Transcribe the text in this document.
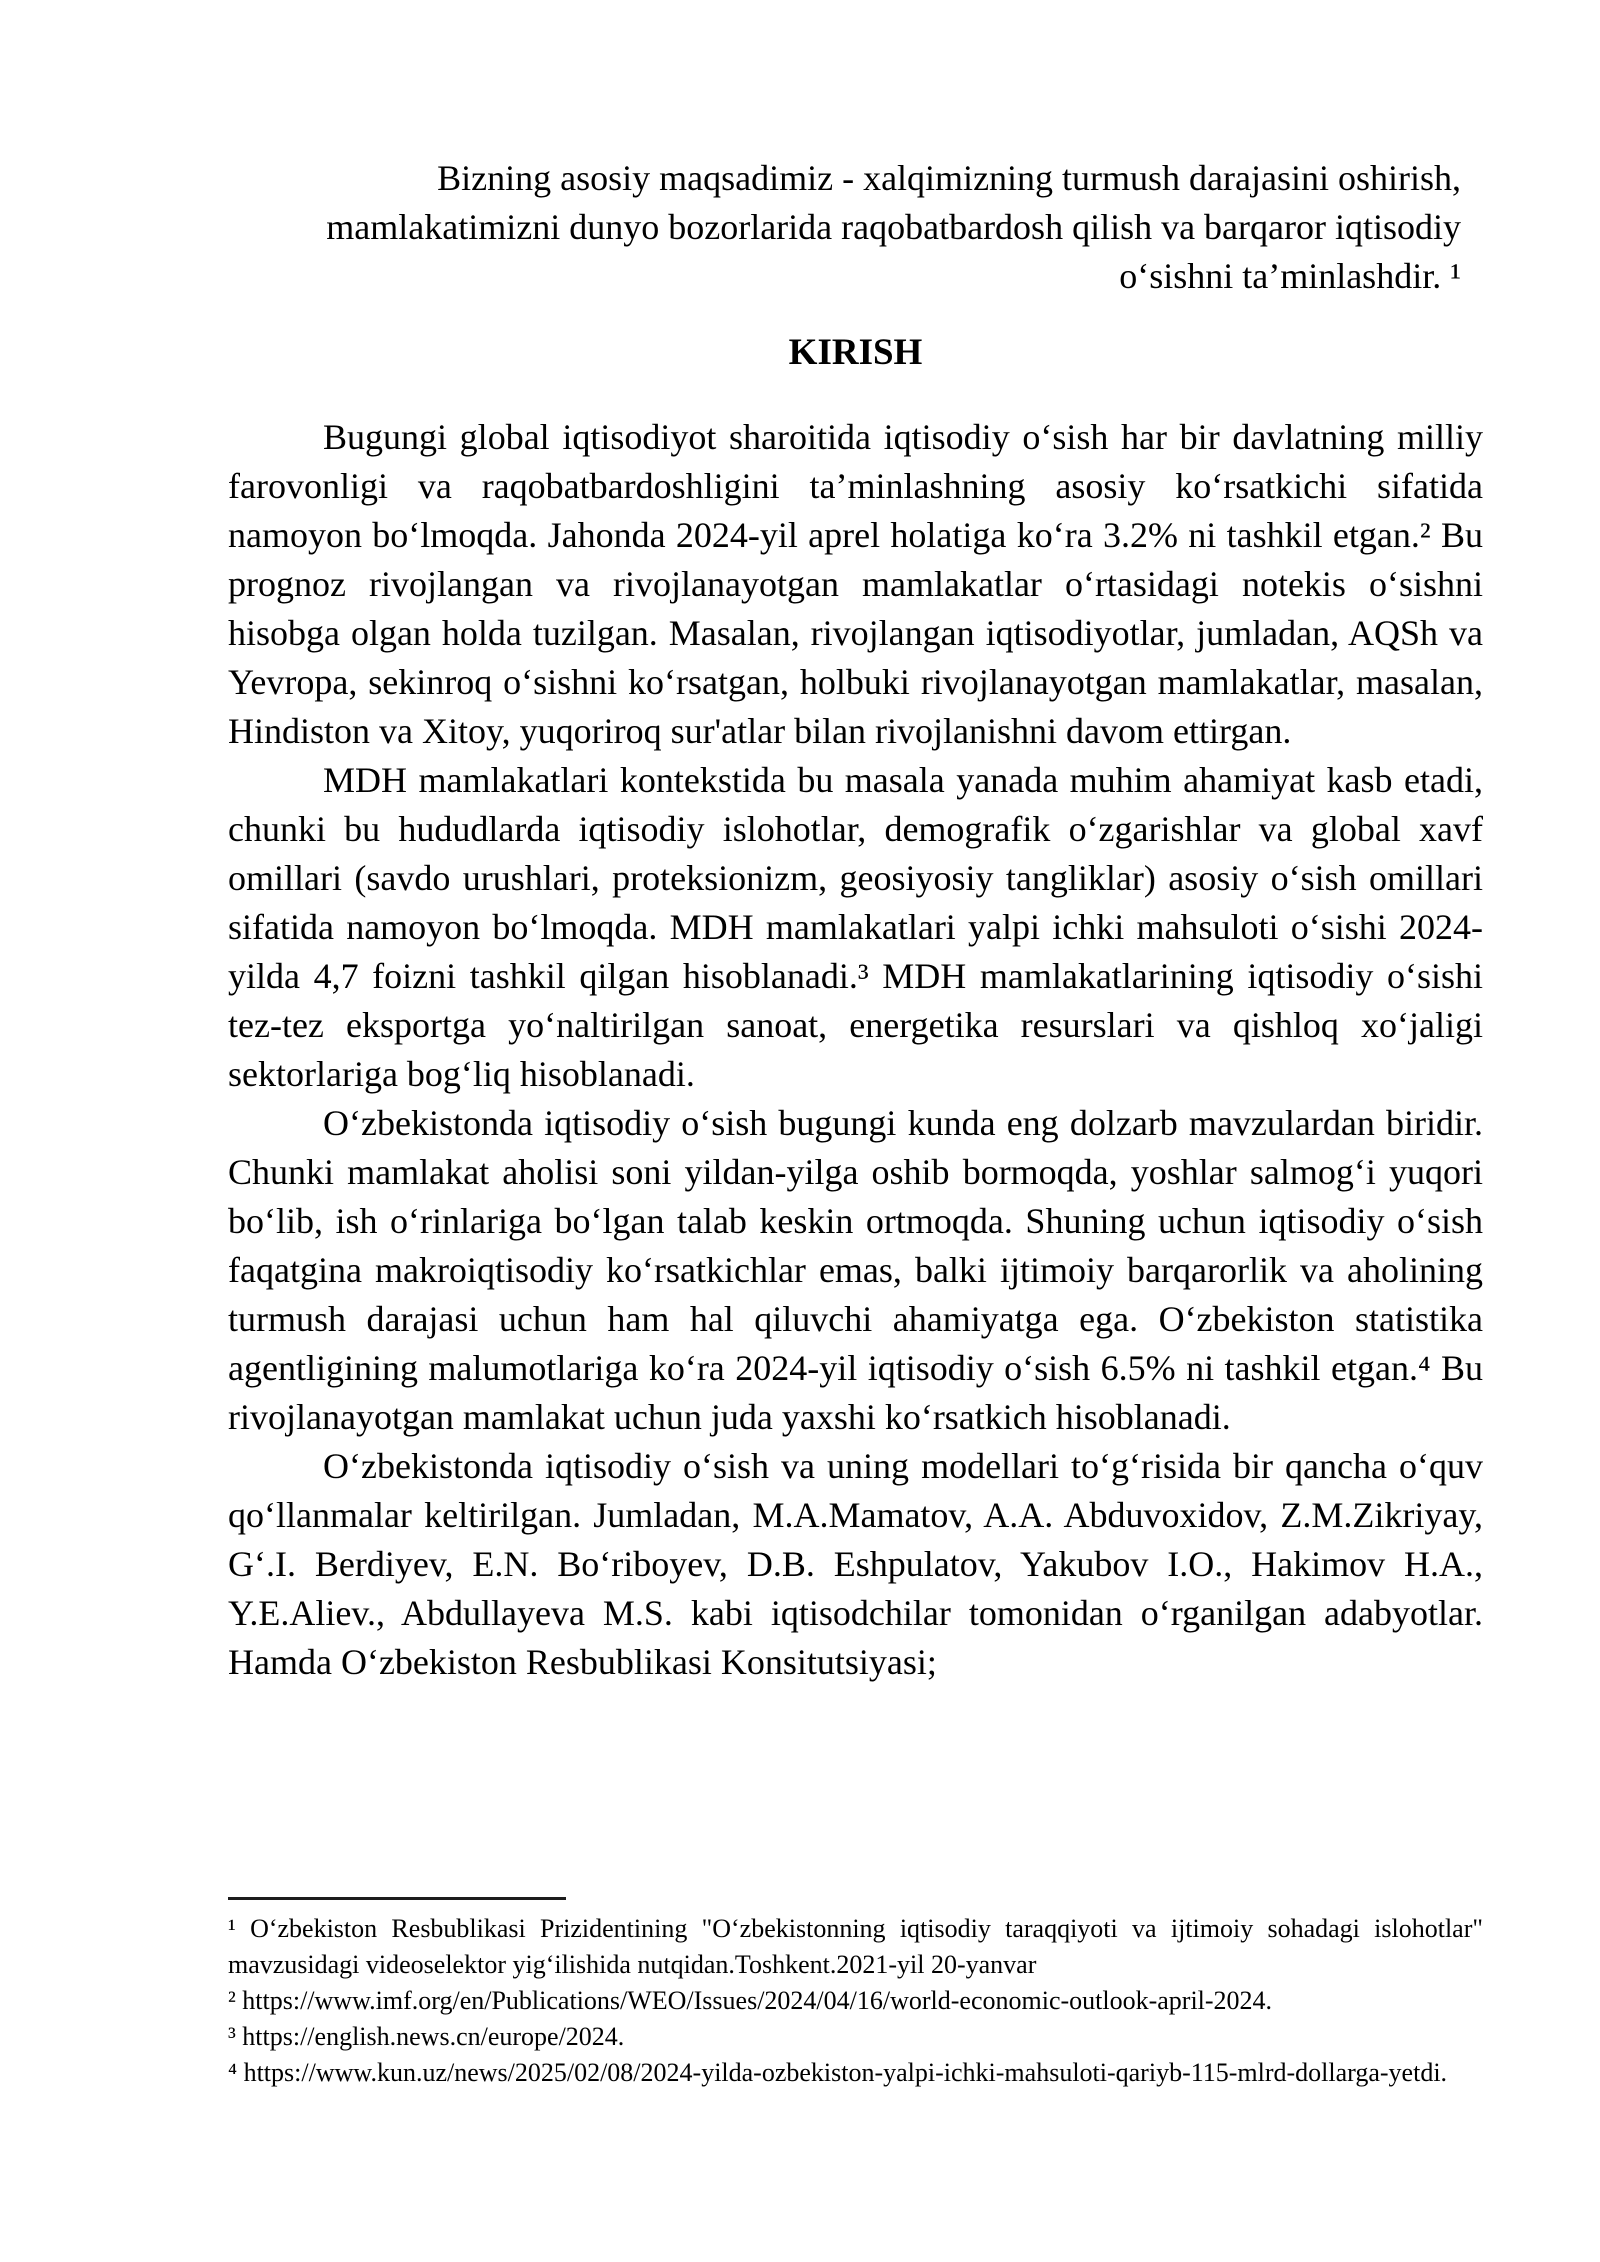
Bizning asosiy maqsadimiz - xalqimizning turmush darajasini oshirish, mamlakatimizni dunyo bozorlarida raqobatbardosh qilish va barqaror iqtisodiy o‘sishni ta’minlashdir. ¹
KIRISH

Bugungi global iqtisodiyot sharoitida iqtisodiy o‘sish har bir davlatning milliy farovonligi va raqobatbardoshligini ta’minlashning asosiy ko‘rsatkichi sifatida namoyon bo‘lmoqda. Jahonda 2024-yil aprel holatiga ko‘ra 3.2% ni tashkil etgan.² Bu prognoz rivojlangan va rivojlanayotgan mamlakatlar o‘rtasidagi notekis o‘sishni hisobga olgan holda tuzilgan. Masalan, rivojlangan iqtisodiyotlar, jumladan, AQSh va Yevropa, sekinroq o‘sishni ko‘rsatgan, holbuki rivojlanayotgan mamlakatlar, masalan, Hindiston va Xitoy, yuqoriroq sur'atlar bilan rivojlanishni davom ettirgan.

MDH mamlakatlari kontekstida bu masala yanada muhim ahamiyat kasb etadi, chunki bu hududlarda iqtisodiy islohotlar, demografik o‘zgarishlar va global xavf omillari (savdo urushlari, proteksionizm, geosiyosiy tangliklar) asosiy o‘sish omillari sifatida namoyon bo‘lmoqda. MDH mamlakatlari yalpi ichki mahsuloti o‘sishi 2024-yilda 4,7 foizni tashkil qilgan hisoblanadi.³ MDH mamlakatlarining iqtisodiy o‘sishi tez-tez eksportga yo‘naltirilgan sanoat, energetika resurslari va qishloq xo‘jaligi sektorlariga bog‘liq hisoblanadi.

O‘zbekistonda iqtisodiy o‘sish bugungi kunda eng dolzarb mavzulardan biridir. Chunki mamlakat aholisi soni yildan-yilga oshib bormoqda, yoshlar salmog‘i yuqori bo‘lib, ish o‘rinlariga bo‘lgan talab keskin ortmoqda. Shuning uchun iqtisodiy o‘sish faqatgina makroiqtisodiy ko‘rsatkichlar emas, balki ijtimoiy barqarorlik va aholining turmush darajasi uchun ham hal qiluvchi ahamiyatga ega. O‘zbekiston statistika agentligining malumotlariga ko‘ra 2024-yil iqtisodiy o‘sish 6.5% ni tashkil etgan.⁴ Bu rivojlanayotgan mamlakat uchun juda yaxshi ko‘rsatkich hisoblanadi.

O‘zbekistonda iqtisodiy o‘sish va uning modellari to‘g‘risida bir qancha o‘quv qo‘llanmalar keltirilgan. Jumladan, M.A.Mamatov, A.A. Abduvoxidov, Z.M.Zikriyay, G‘.I. Berdiyev, E.N. Bo‘riboyev, D.B. Eshpulatov, Yakubov I.O., Hakimov H.A., Y.E.Aliev., Abdullayeva M.S. kabi iqtisodchilar tomonidan o‘rganilgan adabyotlar. Hamda O‘zbekiston Resbublikasi Konsitutsiyasi;

¹ O‘zbekiston Resbublikasi Prizidentining "O‘zbekistonning iqtisodiy taraqqiyoti va ijtimoiy sohadagi islohotlar" mavzusidagi videoselektor yig‘ilishida nutqidan.Toshkent.2021-yil 20-yanvar
² https://www.imf.org/en/Publications/WEO/Issues/2024/04/16/world-economic-outlook-april-2024.
³ https://english.news.cn/europe/2024.
⁴ https://www.kun.uz/news/2025/02/08/2024-yilda-ozbekiston-yalpi-ichki-mahsuloti-qariyb-115-mlrd-dollarga-yetdi.
